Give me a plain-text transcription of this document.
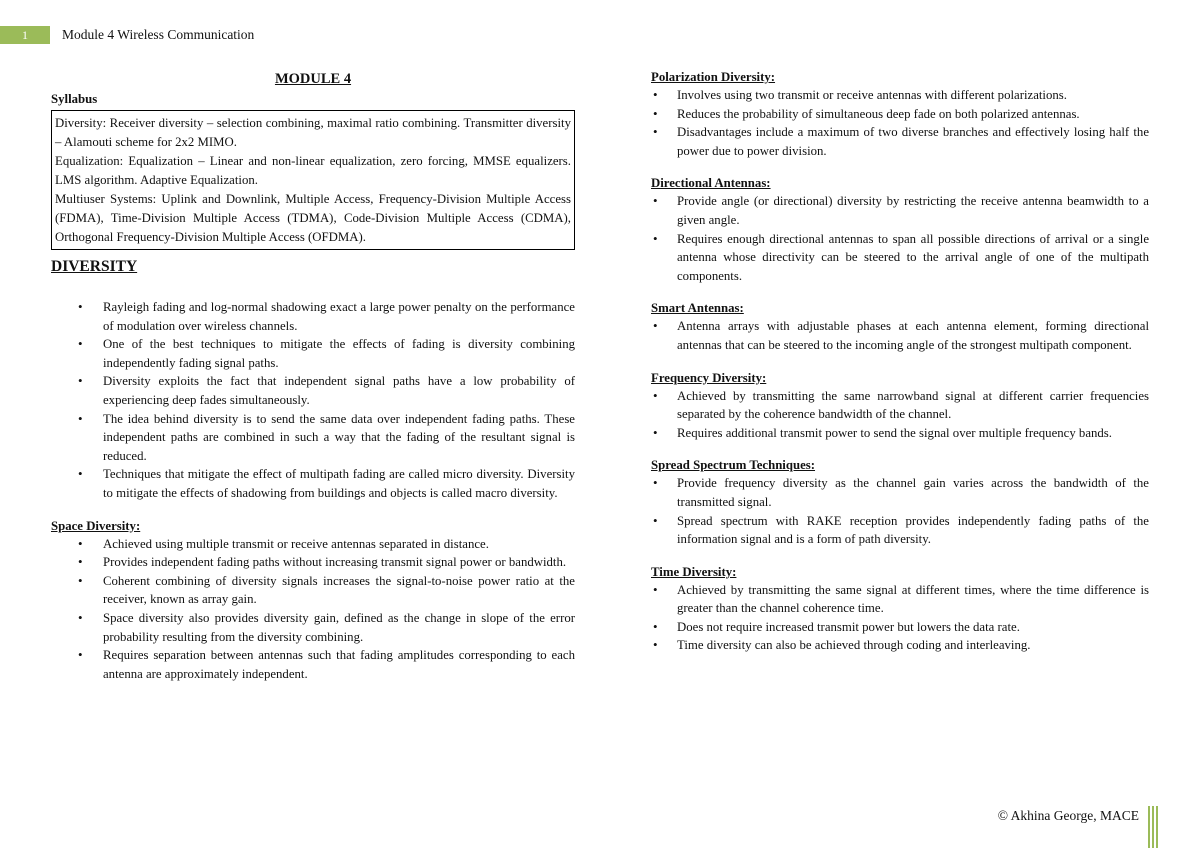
1	Module 4 Wireless Communication

MODULE 4

Syllabus

Diversity: Receiver diversity – selection combining, maximal ratio combining. Transmitter diversity – Alamouti scheme for 2x2 MIMO.

Equalization: Equalization – Linear and non-linear equalization, zero forcing, MMSE equalizers. LMS algorithm. Adaptive Equalization.

Multiuser Systems: Uplink and Downlink, Multiple Access, Frequency-Division Multiple Access (FDMA), Time-Division Multiple Access (TDMA), Code-Division Multiple Access (CDMA), Orthogonal Frequency-Division Multiple Access (OFDMA).

DIVERSITY

• Rayleigh fading and log-normal shadowing exact a large power penalty on the performance of modulation over wireless channels.
• One of the best techniques to mitigate the effects of fading is diversity combining independently fading signal paths.
• Diversity exploits the fact that independent signal paths have a low probability of experiencing deep fades simultaneously.
• The idea behind diversity is to send the same data over independent fading paths. These independent paths are combined in such a way that the fading of the resultant signal is reduced.
• Techniques that mitigate the effect of multipath fading are called micro diversity. Diversity to mitigate the effects of shadowing from buildings and objects is called macro diversity.

Space Diversity:

• Achieved using multiple transmit or receive antennas separated in distance.
• Provides independent fading paths without increasing transmit signal power or bandwidth.
• Coherent combining of diversity signals increases the signal-to-noise power ratio at the receiver, known as array gain.
• Space diversity also provides diversity gain, defined as the change in slope of the error probability resulting from the diversity combining.
• Requires separation between antennas such that fading amplitudes corresponding to each antenna are approximately independent.

Polarization Diversity:

• Involves using two transmit or receive antennas with different polarizations.
• Reduces the probability of simultaneous deep fade on both polarized antennas.
• Disadvantages include a maximum of two diverse branches and effectively losing half the power due to power division.

Directional Antennas:

• Provide angle (or directional) diversity by restricting the receive antenna beamwidth to a given angle.
• Requires enough directional antennas to span all possible directions of arrival or a single antenna whose directivity can be steered to the arrival angle of one of the multipath components.

Smart Antennas:

• Antenna arrays with adjustable phases at each antenna element, forming directional antennas that can be steered to the incoming angle of the strongest multipath component.

Frequency Diversity:

• Achieved by transmitting the same narrowband signal at different carrier frequencies separated by the coherence bandwidth of the channel.
• Requires additional transmit power to send the signal over multiple frequency bands.

Spread Spectrum Techniques:

• Provide frequency diversity as the channel gain varies across the bandwidth of the transmitted signal.
• Spread spectrum with RAKE reception provides independently fading paths of the information signal and is a form of path diversity.

Time Diversity:

• Achieved by transmitting the same signal at different times, where the time difference is greater than the channel coherence time.
• Does not require increased transmit power but lowers the data rate.
• Time diversity can also be achieved through coding and interleaving.
© Akhina George, MACE
